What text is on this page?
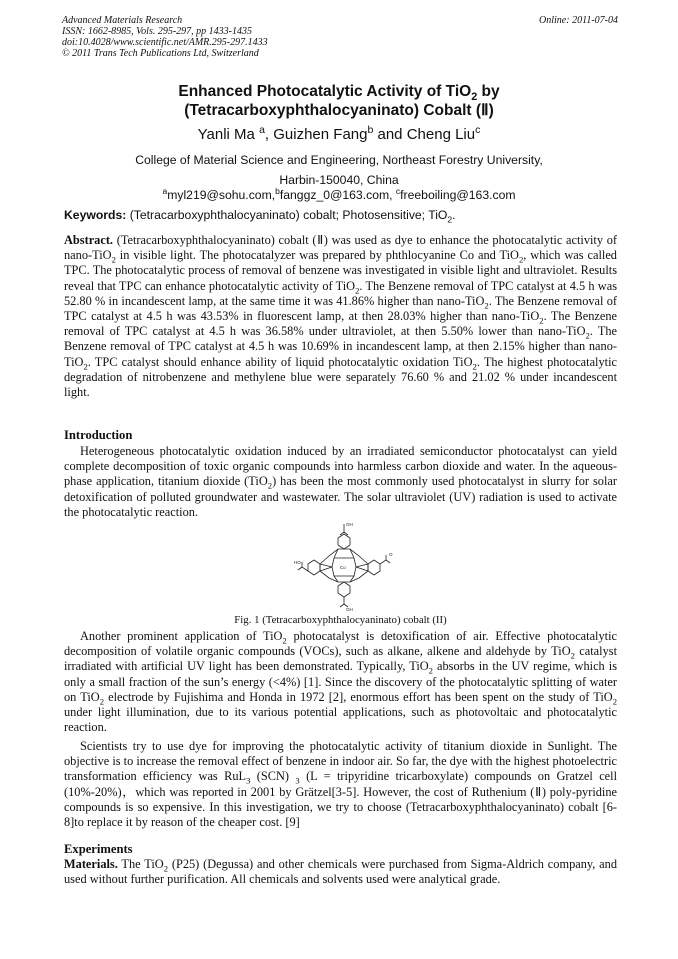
Advanced Materials Research
ISSN: 1662-8985, Vols. 295-297, pp 1433-1435
doi:10.4028/www.scientific.net/AMR.295-297.1433
© 2011 Trans Tech Publications Ltd, Switzerland
Online: 2011-07-04
Enhanced Photocatalytic Activity of TiO$_2$ by
(Tetracarboxyphthalocyaninato) Cobalt (Ⅱ)
Yanli Ma $^a$, Guizhen Fang$^b$ and Cheng Liu$^c$
College of Material Science and Engineering, Northeast Forestry University,
Harbin-150040, China
$^a$myl219@sohu.com,$^b$fanggz_0@163.com, $^c$freeboiling@163.com
Keywords: (Tetracarboxyphthalocyaninato) cobalt; Photosensitive; TiO$_2$.
Abstract. (Tetracarboxyphthalocyaninato) cobalt (Ⅱ) was used as dye to enhance the photocatalytic activity of nano-TiO$_2$ in visible light. The photocatalyzer was prepared by phthlocyanine Co and TiO$_2$, which was called TPC. The photocatalytic process of removal of benzene was investigated in visible light and ultraviolet. Results reveal that TPC can enhance photocatalytic activity of TiO$_2$. The Benzene removal of TPC catalyst at 4.5 h was 52.80 % in incandescent lamp, at the same time it was 41.86% higher than nano-TiO$_2$. The Benzene removal of TPC catalyst at 4.5 h was 43.53% in fluorescent lamp, at then 28.03% higher than nano-TiO$_2$. The Benzene removal of TPC catalyst at 4.5 h was 36.58% under ultraviolet, at then 5.50% lower than nano-TiO$_2$. The Benzene removal of TPC catalyst at 4.5 h was 10.69% in incandescent lamp, at then 2.15% higher than nano-TiO$_2$. TPC catalyst should enhance ability of liquid photocatalytic oxidation TiO$_2$. The highest photocatalytic degradation of nitrobenzene and methylene blue were separately 76.60 % and 21.02 % under incandescent light.
Introduction
Heterogeneous photocatalytic oxidation induced by an irradiated semiconductor photocatalyst can yield complete decomposition of toxic organic compounds into harmless carbon dioxide and water. In the aqueous-phase application, titanium dioxide (TiO$_2$) has been the most commonly used photocatalyst in slurry for solar detoxification of polluted groundwater and wastewater. The solar ultraviolet (UV) radiation is used to activate the photocatalytic reaction.
OH
O
HO
Co
OH
Fig. 1 (Tetracarboxyphthalocyaninato) cobalt (II)
Another prominent application of TiO$_2$ photocatalyst is detoxification of air. Effective photocatalytic decomposition of volatile organic compounds (VOCs), such as alkane, alkene and aldehyde by TiO$_2$ catalyst irradiated with artificial UV light has been demonstrated. Typically, TiO$_2$ absorbs in the UV regime, which is only a small fraction of the sun’s energy (<4%) [1]. Since the discovery of the photocatalytic splitting of water on TiO$_2$ electrode by Fujishima and Honda in 1972 [2], enormous effort has been spent on the study of TiO$_2$ under light illumination, due to its various potential applications, such as photovoltaic and photocatalytic reaction.
Scientists try to use dye for improving the photocatalytic activity of titanium dioxide in Sunlight. The objective is to increase the removal effect of benzene in indoor air. So far, the dye with the highest photoelectric transformation efficiency was RuL$_3$ (SCN) $_3$ (L = tripyridine tricarboxylate) compounds on Gratzel cell (10%-20%)，which was reported in 2001 by Grätzel[3-5]. However, the cost of Ruthenium (Ⅱ) poly-pyridine compounds is so expensive. In this investigation, we try to choose (Tetracarboxyphthalocyaninato) cobalt [6-8]to replace it by reason of the cheaper cost. [9]
Experiments
Materials. The TiO$_2$ (P25) (Degussa) and other chemicals were purchased from Sigma-Aldrich company, and used without further purification. All chemicals and solvents used were analytical grade.
